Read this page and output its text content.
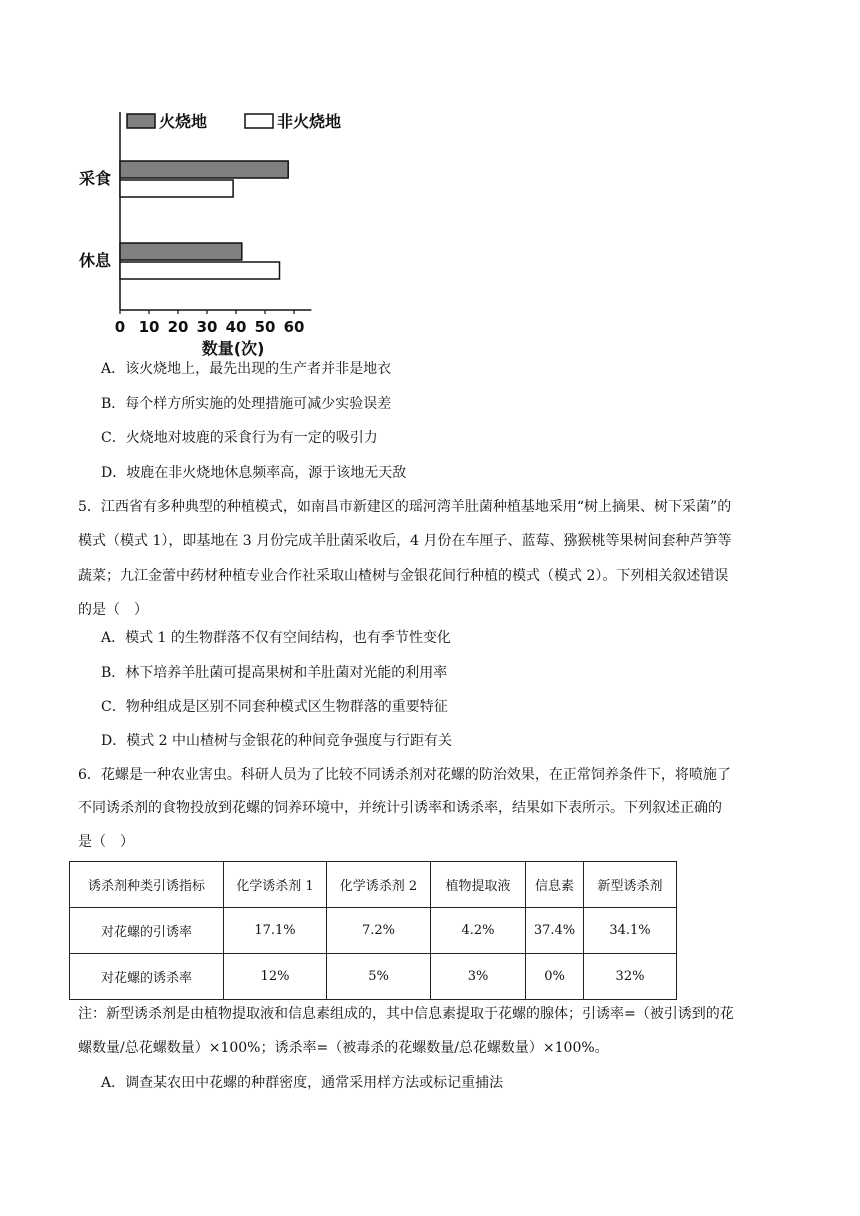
火烧地	非火烧地
0 10 20 30 40 50 60
数量(次)
采食
休息
A．该火烧地上，最先出现的生产者并非是地衣
B．每个样方所实施的处理措施可减少实验误差
C．火烧地对坡鹿的采食行为有一定的吸引力
D．坡鹿在非火烧地休息频率高，源于该地无天敌
5．江西省有多种典型的种植模式，如南昌市新建区的瑶河湾羊肚菌种植基地采用“树上摘果、树下采菌”的
模式（模式 1），即基地在 3 月份完成羊肚菌采收后，4 月份在车厘子、蓝莓、猕猴桃等果树间套种芦笋等
蔬菜；九江金蕾中药材种植专业合作社采取山楂树与金银花间行种植的模式（模式 2）。下列相关叙述错误
的是（　）
A．模式 1 的生物群落不仅有空间结构，也有季节性变化
B．林下培养羊肚菌可提高果树和羊肚菌对光能的利用率
C．物种组成是区别不同套种模式区生物群落的重要特征
D．模式 2 中山楂树与金银花的种间竞争强度与行距有关
6．花螺是一种农业害虫。科研人员为了比较不同诱杀剂对花螺的防治效果，在正常饲养条件下，将喷施了
不同诱杀剂的食物投放到花螺的饲养环境中，并统计引诱率和诱杀率，结果如下表所示。下列叙述正确的
是（　）
诱杀剂种类引诱指标	化学诱杀剂 1	化学诱杀剂 2	植物提取液	信息素	新型诱杀剂
对花螺的引诱率	17.1%	7.2%	4.2%	37.4%	34.1%
对花螺的诱杀率	12%	5%	3%	0%	32%
注：新型诱杀剂是由植物提取液和信息素组成的，其中信息素提取于花螺的腺体；引诱率=（被引诱到的花
螺数量/总花螺数量）×100%；诱杀率=（被毒杀的花螺数量/总花螺数量）×100%。
A．调查某农田中花螺的种群密度，通常采用样方法或标记重捕法
